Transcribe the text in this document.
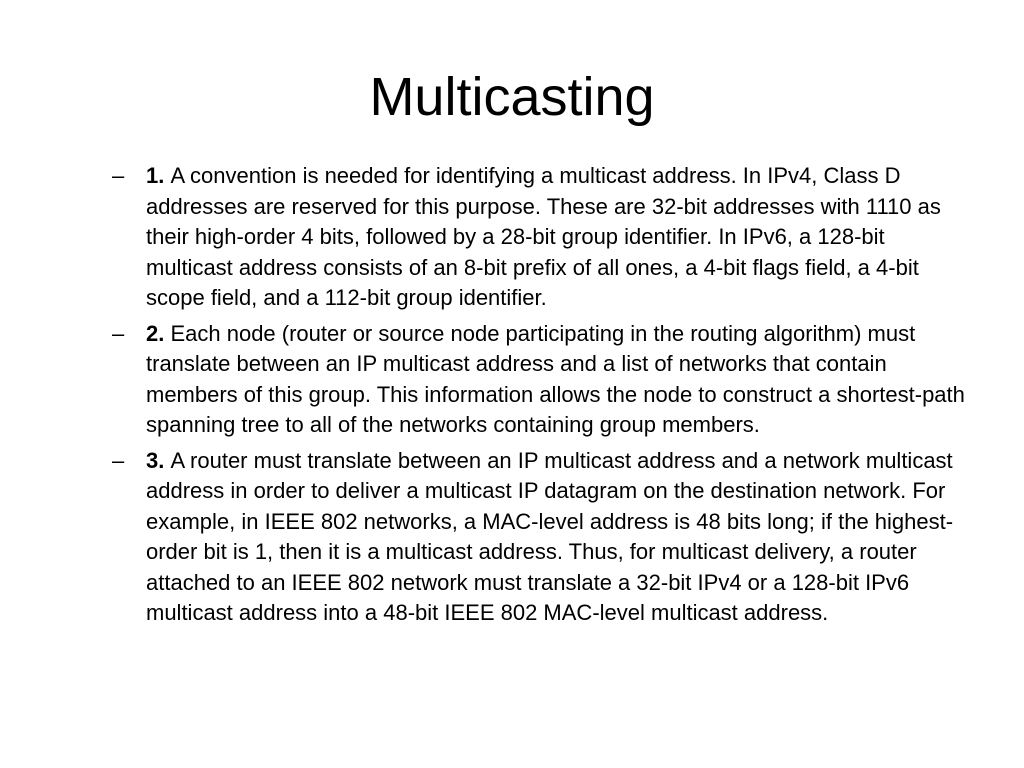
Multicasting
– 1. A convention is needed for identifying a multicast address. In IPv4, Class D addresses are reserved for this purpose. These are 32-bit addresses with 1110 as their high-order 4 bits, followed by a 28-bit group identifier. In IPv6, a 128-bit multicast address consists of an 8-bit prefix of all ones, a 4-bit flags field, a 4-bit scope field, and a 112-bit group identifier.
– 2. Each node (router or source node participating in the routing algorithm) must translate between an IP multicast address and a list of networks that contain members of this group. This information allows the node to construct a shortest-path spanning tree to all of the networks containing group members.
– 3. A router must translate between an IP multicast address and a network multicast address in order to deliver a multicast IP datagram on the destination network. For example, in IEEE 802 networks, a MAC-level address is 48 bits long; if the highest-order bit is 1, then it is a multicast address. Thus, for multicast delivery, a router attached to an IEEE 802 network must translate a 32-bit IPv4 or a 128-bit IPv6 multicast address into a 48-bit IEEE 802 MAC-level multicast address.
